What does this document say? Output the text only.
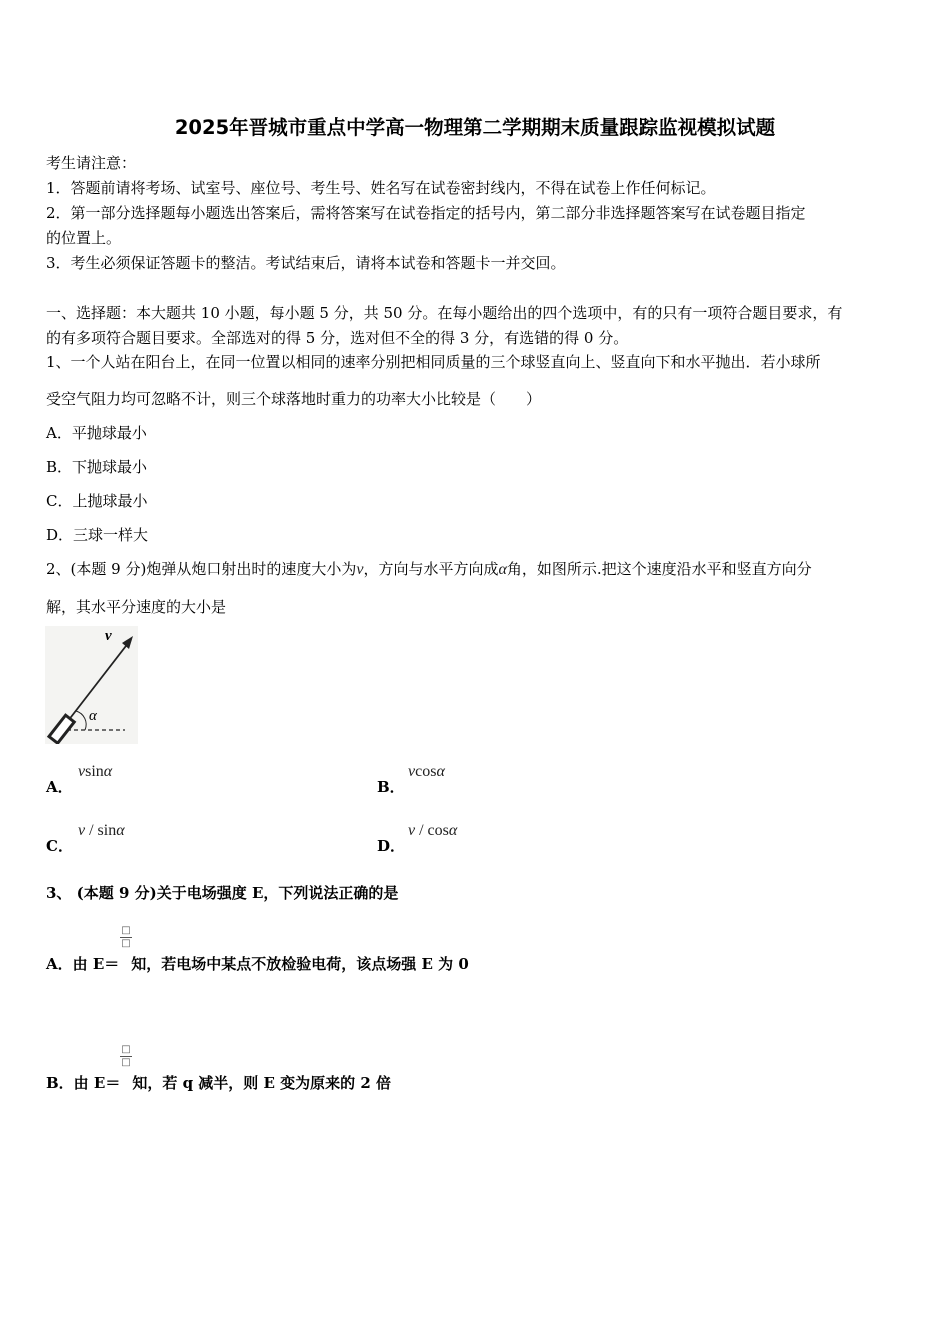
2025年晋城市重点中学高一物理第二学期期末质量跟踪监视模拟试题
考生请注意：
1．答题前请将考场、试室号、座位号、考生号、姓名写在试卷密封线内，不得在试卷上作任何标记。
2．第一部分选择题每小题选出答案后，需将答案写在试卷指定的括号内，第二部分非选择题答案写在试卷题目指定
的位置上。
3．考生必须保证答题卡的整洁。考试结束后，请将本试卷和答题卡一并交回。
一、选择题：本大题共 10 小题，每小题 5 分，共 50 分。在每小题给出的四个选项中，有的只有一项符合题目要求，有
的有多项符合题目要求。全部选对的得 5 分，选对但不全的得 3 分，有选错的得 0 分。
1、一个人站在阳台上，在同一位置以相同的速率分别把相同质量的三个球竖直向上、竖直向下和水平抛出．若小球所
受空气阻力均可忽略不计，则三个球落地时重力的功率大小比较是（　　）
A．平抛球最小
B．下抛球最小
C．上抛球最小
D．三球一样大
2、(本题 9 分)炮弹从炮口射出时的速度大小为v，方向与水平方向成α角，如图所示.把这个速度沿水平和竖直方向分
解，其水平分速度的大小是
v
α
A．
vsinα
B．
vcosα
C．
v / sinα
D．
v / cosα
3、 (本题 9 分)关于电场强度 E，下列说法正确的是
□
□
A．由 E＝ 知，若电场中某点不放检验电荷，该点场强 E 为 0
□
□
B．由 E＝ 知，若 q 减半，则 E 变为原来的 2 倍
